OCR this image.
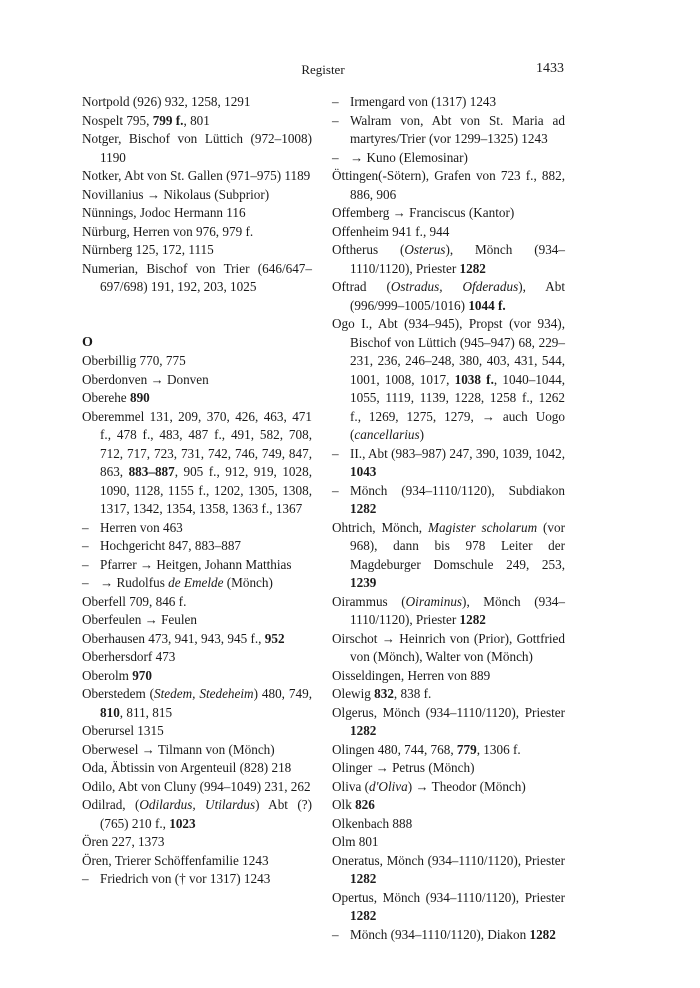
Register	1433
Nortpold (926) 932, 1258, 1291
Nospelt 795, 799 f., 801
Notger, Bischof von Lüttich (972–1008) 1190
Notker, Abt von St. Gallen (971–975) 1189
Novillanius → Nikolaus (Subprior)
Nünnings, Jodoc Hermann 116
Nürburg, Herren von 976, 979 f.
Nürnberg 125, 172, 1115
Numerian, Bischof von Trier (646/647–697/698) 191, 192, 203, 1025
O
Oberbillig 770, 775
Oberdonven → Donven
Oberehe 890
Oberemmel 131, 209, 370, 426, 463, 471 f., 478 f., 483, 487 f., 491, 582, 708, 712, 717, 723, 731, 742, 746, 749, 847, 863, 883–887, 905 f., 912, 919, 1028, 1090, 1128, 1155 f., 1202, 1305, 1308, 1317, 1342, 1354, 1358, 1363 f., 1367
– Herren von 463
– Hochgericht 847, 883–887
– Pfarrer → Heitgen, Johann Matthias
– → Rudolfus de Emelde (Mönch)
Oberfell 709, 846 f.
Oberfeulen → Feulen
Oberhausen 473, 941, 943, 945 f., 952
Oberhersdorf 473
Oberolm 970
Oberstedem (Stedem, Stedeheim) 480, 749, 810, 811, 815
Oberursel 1315
Oberwesel → Tilmann von (Mönch)
Oda, Äbtissin von Argenteuil (828) 218
Odilo, Abt von Cluny (994–1049) 231, 262
Odilrad, (Odilardus, Utilardus) Abt (?) (765) 210 f., 1023
Ören 227, 1373
Ören, Trierer Schöffenfamilie 1243
– Friedrich von († vor 1317) 1243
– Irmengard von (1317) 1243
– Walram von, Abt von St. Maria ad martyres/Trier (vor 1299–1325) 1243
– → Kuno (Elemosinar)
Öttingen(-Sötern), Grafen von 723 f., 882, 886, 906
Offemberg → Franciscus (Kantor)
Offenheim 941 f., 944
Oftherus (Osterus), Mönch (934–1110/1120), Priester 1282
Oftrad (Ostradus, Ofderadus), Abt (996/999–1005/1016) 1044 f.
Ogo I., Abt (934–945), Propst (vor 934), Bischof von Lüttich (945–947) 68, 229–231, 236, 246–248, 380, 403, 431, 544, 1001, 1008, 1017, 1038 f., 1040–1044, 1055, 1119, 1139, 1228, 1258 f., 1262 f., 1269, 1275, 1279, → auch Uogo (cancellarius)
– II., Abt (983–987) 247, 390, 1039, 1042, 1043
– Mönch (934–1110/1120), Subdiakon 1282
Ohtrich, Mönch, Magister scholarum (vor 968), dann bis 978 Leiter der Magdeburger Domschule 249, 253, 1239
Oirammus (Oiraminus), Mönch (934–1110/1120), Priester 1282
Oirschot → Heinrich von (Prior), Gottfried von (Mönch), Walter von (Mönch)
Oisseldingen, Herren von 889
Olewig 832, 838 f.
Olgerus, Mönch (934–1110/1120), Priester 1282
Olingen 480, 744, 768, 779, 1306 f.
Olinger → Petrus (Mönch)
Oliva (d'Oliva) → Theodor (Mönch)
Olk 826
Olkenbach 888
Olm 801
Oneratus, Mönch (934–1110/1120), Priester 1282
Opertus, Mönch (934–1110/1120), Priester 1282
– Mönch (934–1110/1120), Diakon 1282
